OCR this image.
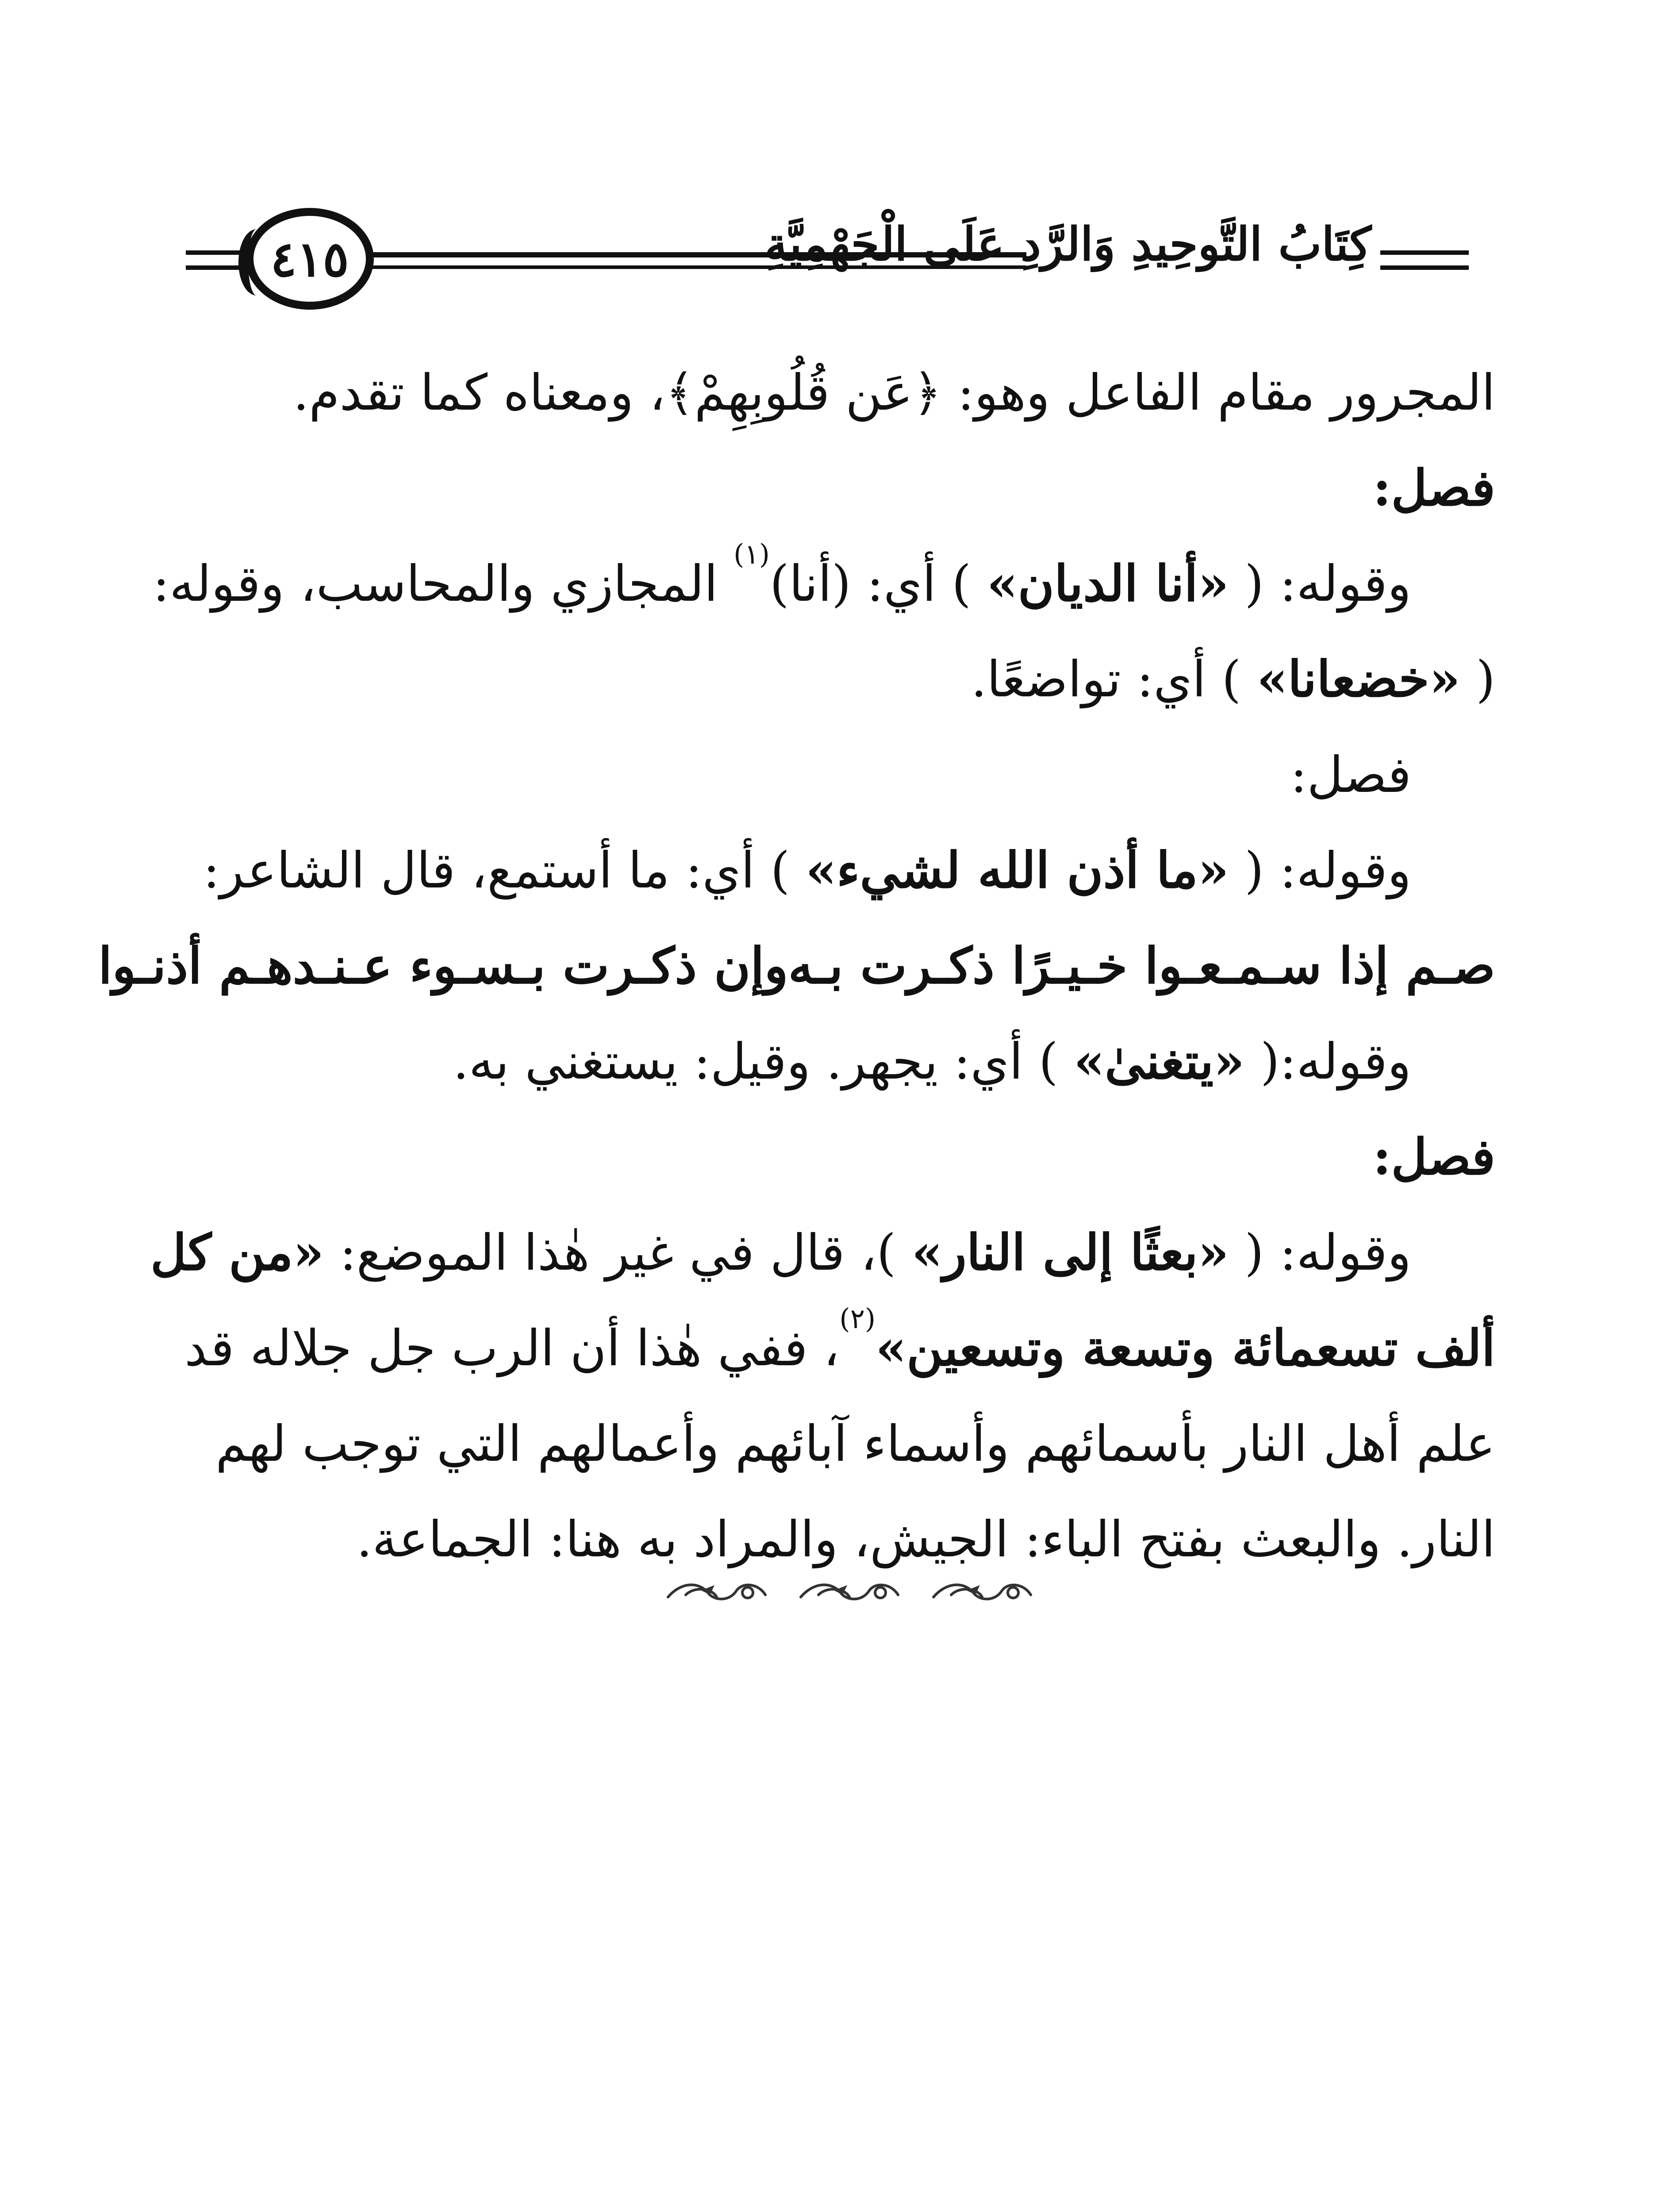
٤١٥	كِتَابُ التَّوحِيدِ وَالرَّدِ عَلَى الْجَهْمِيَّةِ
المجرور مقام الفاعل وهو: ﴿عَن قُلُوبِهِمْ﴾، ومعناه كما تقدم.
فصل:
وقوله: ( «أنا الديان» ) أي: (أنا)$^{(١)}$ المجازي والمحاسب، وقوله:
( «خضعانا» ) أي: تواضعًا.
فصل:
وقوله: ( «ما أذن الله لشيء» ) أي: ما أستمع، قال الشاعر:
صـم إذا سـمـعـوا خـيـرًا ذكـرت بـه
وإن ذكـرت بـسـوء عـنـدهـم أذنـوا
وقوله:( «يتغنىٰ» ) أي: يجهر. وقيل: يستغني به.
فصل:
وقوله: ( «بعثًا إلى النار» )، قال في غير هٰذا الموضع: «من كل
ألف تسعمائة وتسعة وتسعين»$^{(٢)}$، ففي هٰذا أن الرب جل جلاله قد
علم أهل النار بأسمائهم وأسماء آبائهم وأعمالهم التي توجب لهم
النار. والبعث بفتح الباء: الجيش، والمراد به هنا: الجماعة.
